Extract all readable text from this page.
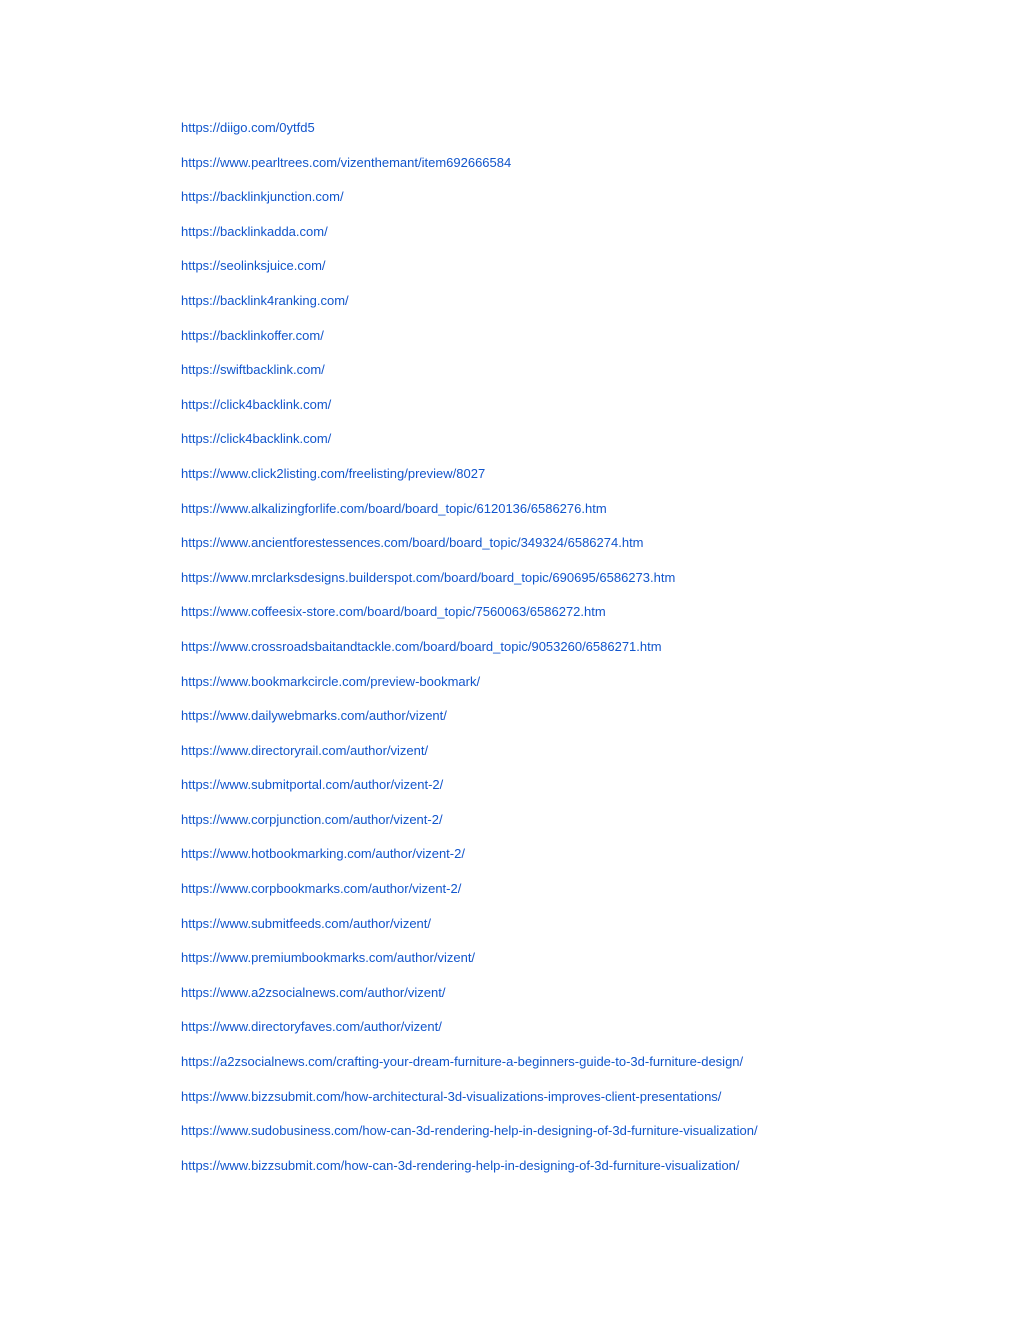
https://diigo.com/0ytfd5
https://www.pearltrees.com/vizenthemant/item692666584
https://backlinkjunction.com/
https://backlinkadda.com/
https://seolinksjuice.com/
https://backlink4ranking.com/
https://backlinkoffer.com/
https://swiftbacklink.com/
https://click4backlink.com/
https://click4backlink.com/
https://www.click2listing.com/freelisting/preview/8027
https://www.alkalizingforlife.com/board/board_topic/6120136/6586276.htm
https://www.ancientforestessences.com/board/board_topic/349324/6586274.htm
https://www.mrclarksdesigns.builderspot.com/board/board_topic/690695/6586273.htm
https://www.coffeesix-store.com/board/board_topic/7560063/6586272.htm
https://www.crossroadsbaitandtackle.com/board/board_topic/9053260/6586271.htm
https://www.bookmarkcircle.com/preview-bookmark/
https://www.dailywebmarks.com/author/vizent/
https://www.directoryrail.com/author/vizent/
https://www.submitportal.com/author/vizent-2/
https://www.corpjunction.com/author/vizent-2/
https://www.hotbookmarking.com/author/vizent-2/
https://www.corpbookmarks.com/author/vizent-2/
https://www.submitfeeds.com/author/vizent/
https://www.premiumbookmarks.com/author/vizent/
https://www.a2zsocialnews.com/author/vizent/
https://www.directoryfaves.com/author/vizent/
https://a2zsocialnews.com/crafting-your-dream-furniture-a-beginners-guide-to-3d-furniture-design/
https://www.bizzsubmit.com/how-architectural-3d-visualizations-improves-client-presentations/
https://www.sudobusiness.com/how-can-3d-rendering-help-in-designing-of-3d-furniture-visualization/
https://www.bizzsubmit.com/how-can-3d-rendering-help-in-designing-of-3d-furniture-visualization/
